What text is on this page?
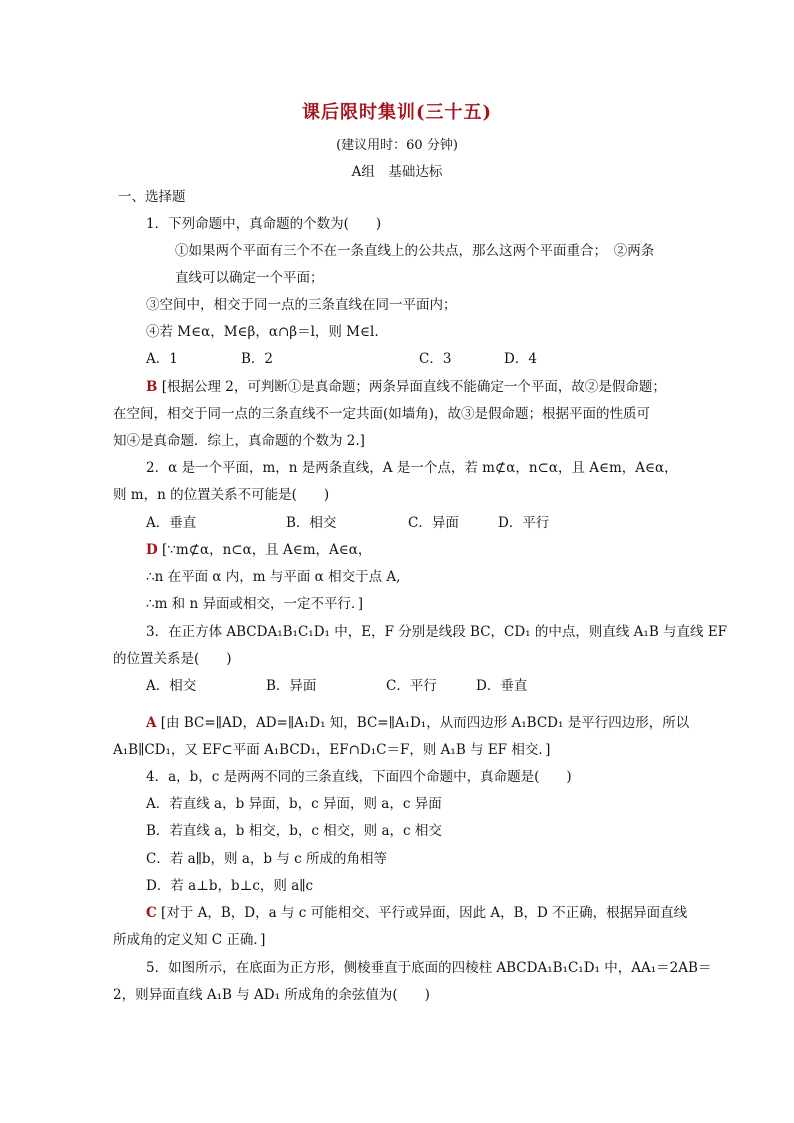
课后限时集训(三十五)
(建议用时：60 分钟)
A组　基础达标
一、选择题
1．下列命题中，真命题的个数为(　　)
①如果两个平面有三个不在一条直线上的公共点，那么这两个平面重合；　②两条
直线可以确定一个平面；
③空间中，相交于同一点的三条直线在同一平面内；
④若 M∈α，M∈β，α∩β＝l，则 M∈l.
A．1	B．2	C．3	D．4
B [根据公理 2，可判断①是真命题；两条异面直线不能确定一个平面，故②是假命题；
在空间，相交于同一点的三条直线不一定共面(如墙角)，故③是假命题；根据平面的性质可
知④是真命题．综上，真命题的个数为 2.]
2．α 是一个平面，m，n 是两条直线，A 是一个点，若 m⊄α，n⊂α，且 A∈m，A∈α，
则 m，n 的位置关系不可能是(　　)
A．垂直	B．相交	C．异面	D．平行
D [∵m⊄α，n⊂α，且 A∈m，A∈α，
∴n 在平面 α 内，m 与平面 α 相交于点 A,
∴m 和 n 异面或相交，一定不平行．]
3．在正方体 ABCDA₁B₁C₁D₁ 中，E，F 分别是线段 BC，CD₁ 的中点，则直线 A₁B 与直线 EF
的位置关系是(　　)
A．相交	B．异面	C．平行	D．垂直
A [由 BC=∥AD，AD=∥A₁D₁ 知，BC=∥A₁D₁，从而四边形 A₁BCD₁ 是平行四边形，所以
A₁B∥CD₁，又 EF⊂平面 A₁BCD₁，EF∩D₁C＝F，则 A₁B 与 EF 相交．]
4．a，b，c 是两两不同的三条直线，下面四个命题中，真命题是(　　)
A．若直线 a，b 异面，b，c 异面，则 a，c 异面
B．若直线 a，b 相交，b，c 相交，则 a，c 相交
C．若 a∥b，则 a，b 与 c 所成的角相等
D．若 a⊥b，b⊥c，则 a∥c
C [对于 A，B，D，a 与 c 可能相交、平行或异面，因此 A，B，D 不正确，根据异面直线
所成角的定义知 C 正确．]
5．如图所示，在底面为正方形，侧棱垂直于底面的四棱柱 ABCDA₁B₁C₁D₁ 中，AA₁＝2AB＝
2，则异面直线 A₁B 与 AD₁ 所成角的余弦值为(　　)
